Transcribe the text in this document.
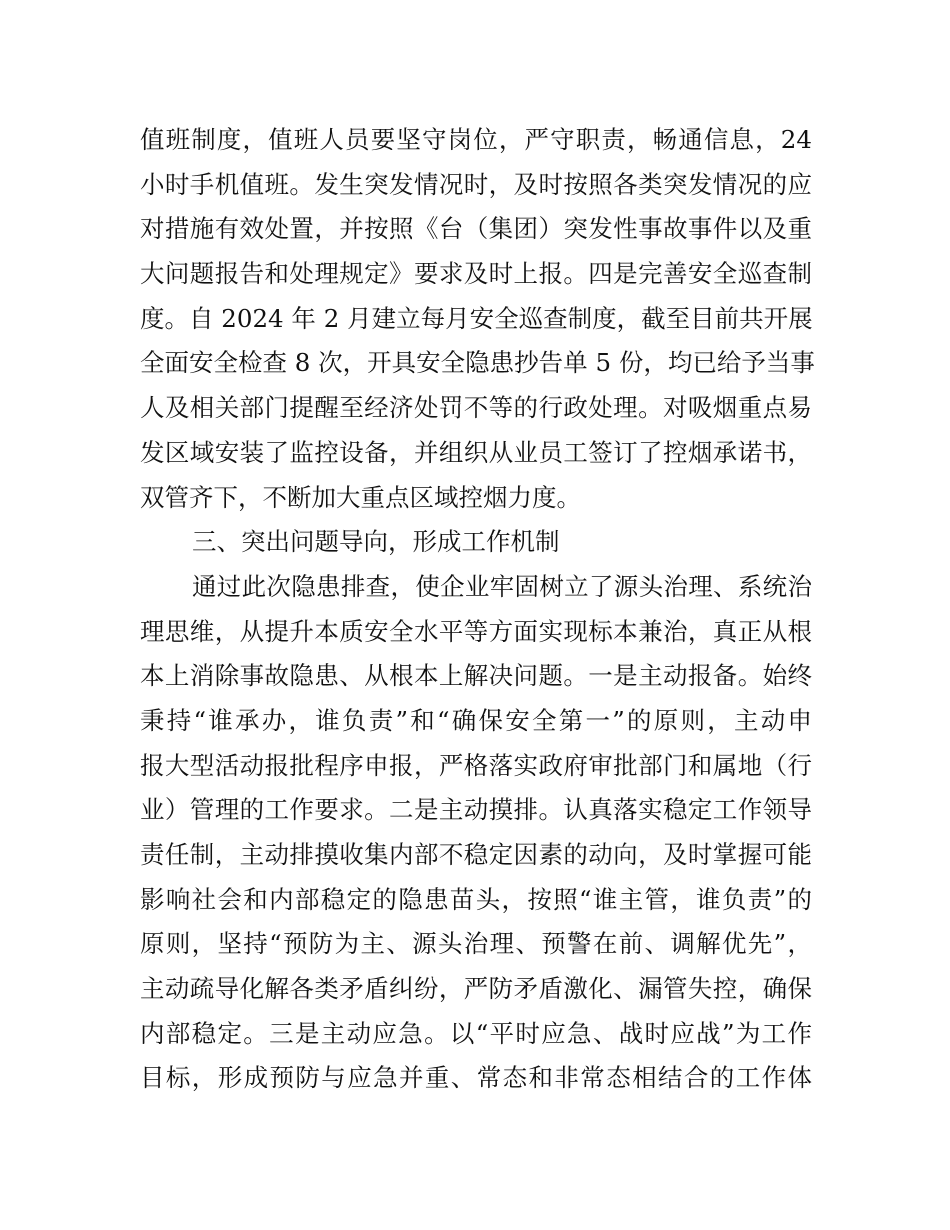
值班制度，值班人员要坚守岗位，严守职责，畅通信息，24
小时手机值班。发生突发情况时，及时按照各类突发情况的应
对措施有效处置，并按照《台（集团）突发性事故事件以及重
大问题报告和处理规定》要求及时上报。四是完善安全巡查制
度。自 2024 年 2 月建立每月安全巡查制度，截至目前共开展
全面安全检查 8 次，开具安全隐患抄告单 5 份，均已给予当事
人及相关部门提醒至经济处罚不等的行政处理。对吸烟重点易
发区域安装了监控设备，并组织从业员工签订了控烟承诺书，
双管齐下，不断加大重点区域控烟力度。
三、突出问题导向，形成工作机制
通过此次隐患排查，使企业牢固树立了源头治理、系统治
理思维，从提升本质安全水平等方面实现标本兼治，真正从根
本上消除事故隐患、从根本上解决问题。一是主动报备。始终
秉持“谁承办，谁负责”和“确保安全第一”的原则，主动申
报大型活动报批程序申报，严格落实政府审批部门和属地（行
业）管理的工作要求。二是主动摸排。认真落实稳定工作领导
责任制，主动排摸收集内部不稳定因素的动向，及时掌握可能
影响社会和内部稳定的隐患苗头，按照“谁主管，谁负责”的
原则，坚持“预防为主、源头治理、预警在前、调解优先”，
主动疏导化解各类矛盾纠纷，严防矛盾激化、漏管失控，确保
内部稳定。三是主动应急。以“平时应急、战时应战”为工作
目标，形成预防与应急并重、常态和非常态相结合的工作体
